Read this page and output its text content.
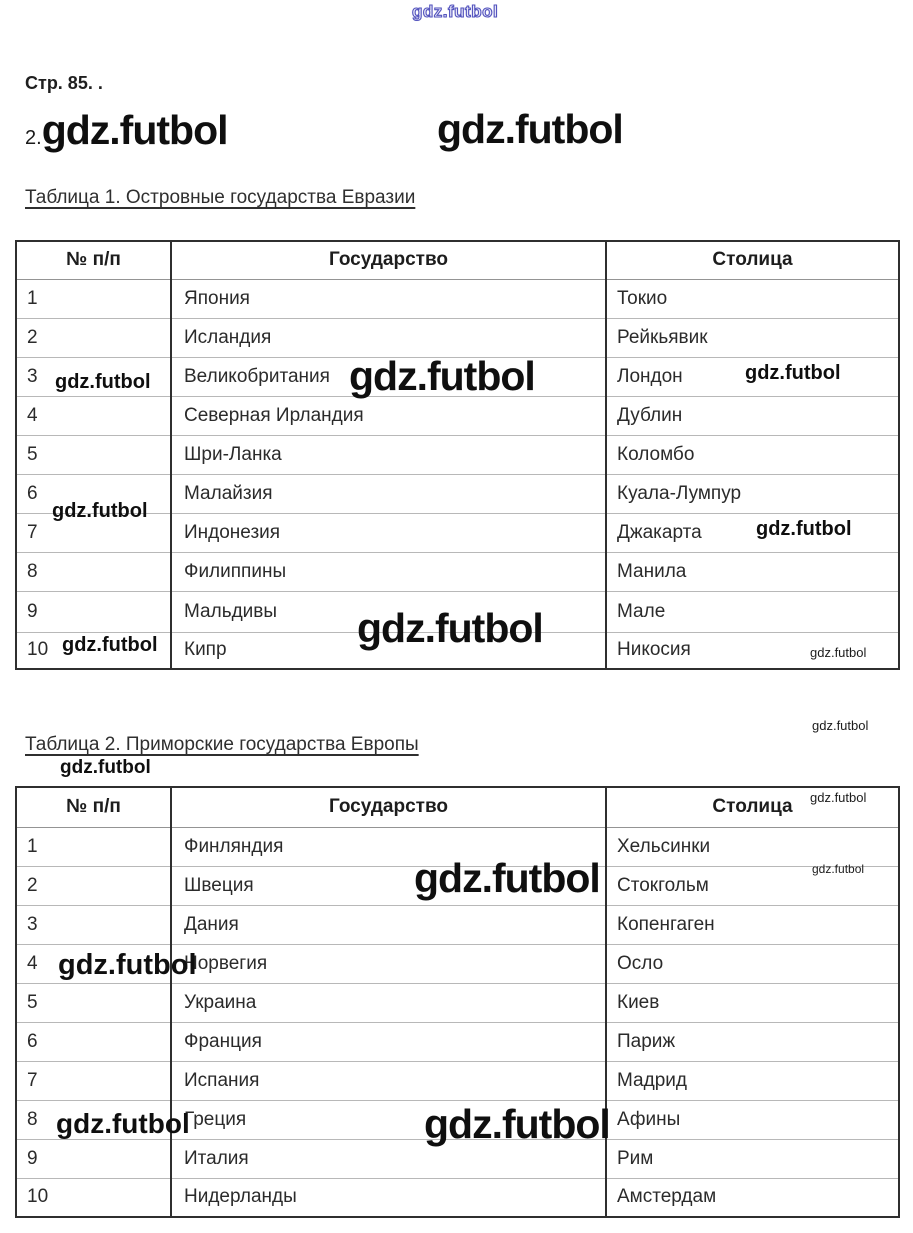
gdz.futbol
Стр. 85. .
2. gdz.futbol	gdz.futbol
Таблица 1. Островные государства Евразии
№ п/п	Государство	Столица
1	Япония	Токио
2	Исландия	Рейкьявик
3	Великобритания	Лондон
4	Северная Ирландия	Дублин
5	Шри-Ланка	Коломбо
6	Малайзия	Куала-Лумпур
7	Индонезия	Джакарта
8	Филиппины	Манила
9	Мальдивы	Мале
10	Кипр	Никосия
gdz.futbol	gdz.futbol	gdz.futbol
gdz.futbol
gdz.futbol
gdz.futbol	gdz.futbol
gdz.futbol
gdz.futbol
Таблица 2. Приморские государства Европы
gdz.futbol
№ п/п	Государство	Столица
1	Финляндия	Хельсинки
2	Швеция	Стокгольм
3	Дания	Копенгаген
4	Норвегия	Осло
5	Украина	Киев
6	Франция	Париж
7	Испания	Мадрид
8	Греция	Афины
9	Италия	Рим
10	Нидерланды	Амстердам
gdz.futbol
gdz.futbol	gdz.futbol
gdz.futbol
gdz.futbol	gdz.futbol
